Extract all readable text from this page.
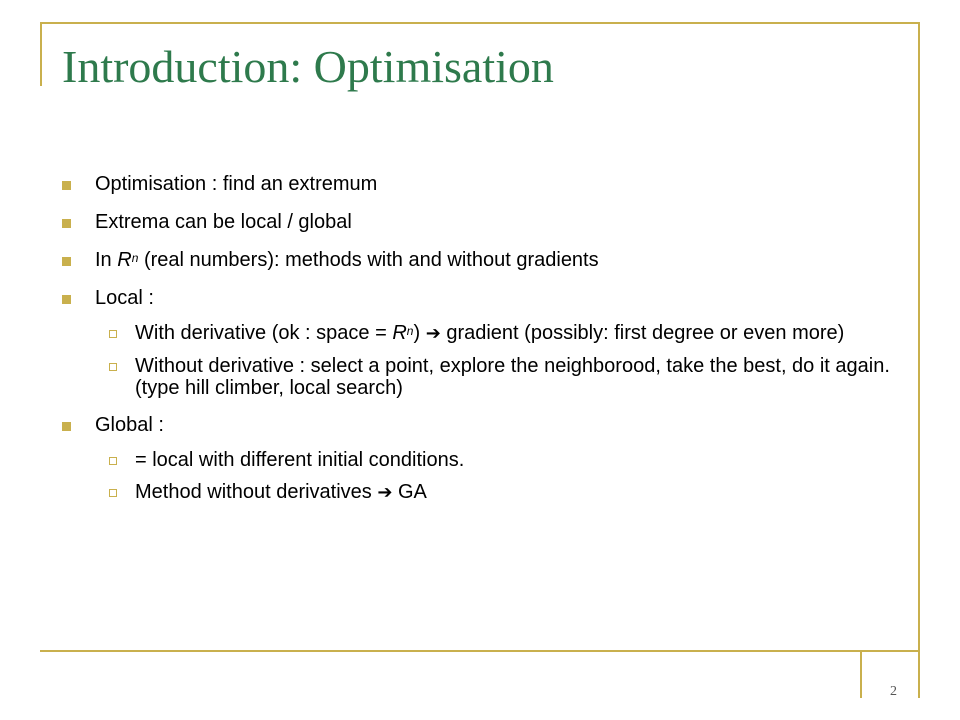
Introduction: Optimisation
Optimisation : find an extremum
Extrema can be local / global
In $R^n$ (real numbers): methods with and without gradients
Local :
With derivative (ok : space = $R^n$) ➔ gradient (possibly: first degree or even more)
Without derivative : select a point, explore the neighborood, take the best, do it again. (type hill climber, local search)
Global :
= local with different initial conditions.
Method without derivatives ➔ GA
2
